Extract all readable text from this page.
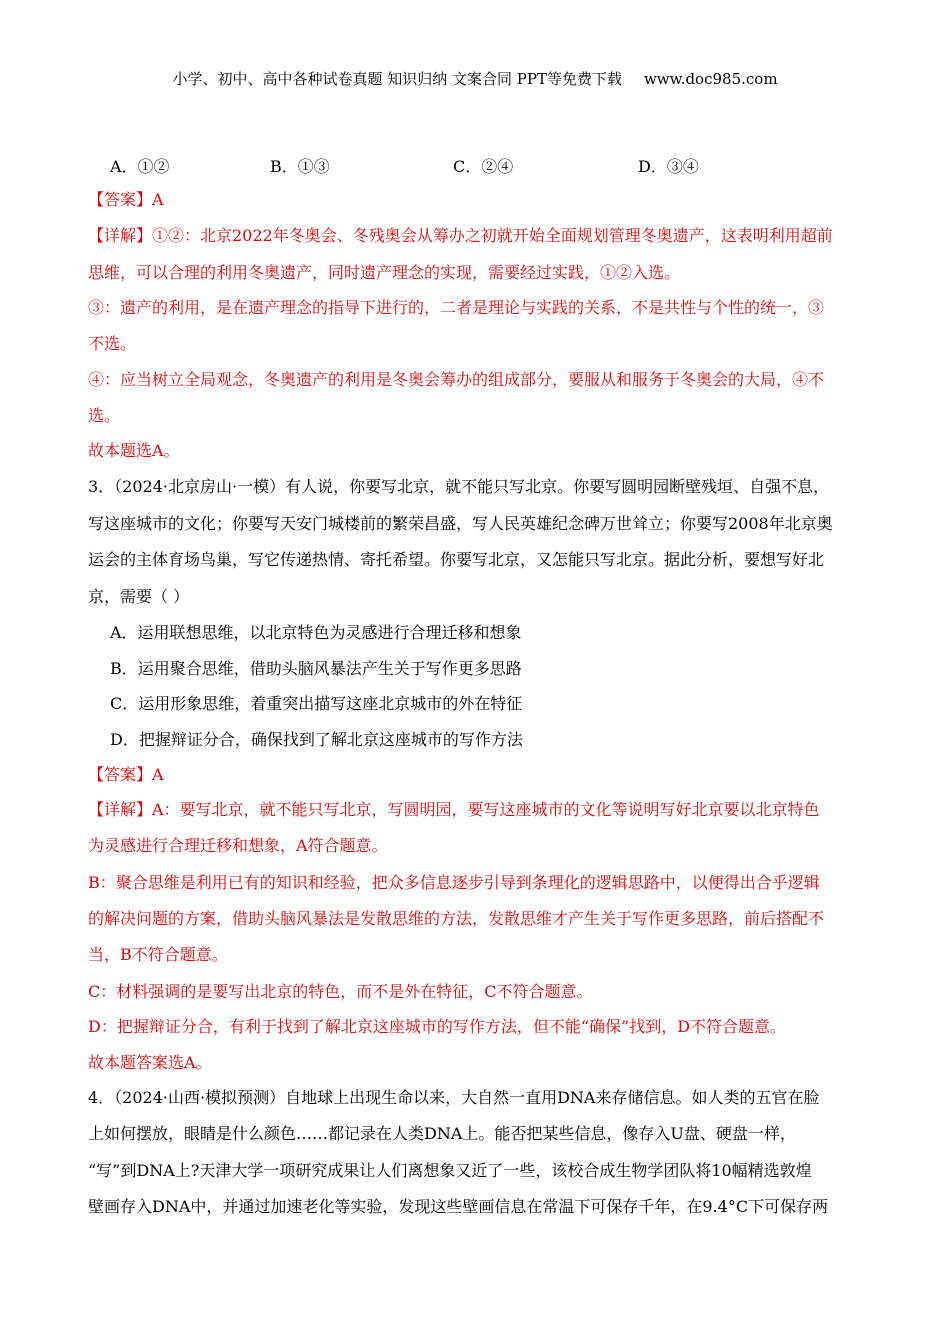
小学、初中、高中各种试卷真题 知识归纳 文案合同 PPT等免费下载 www.doc985.com
A．①②	B．①③	C．②④	D．③④
【答案】A
【详解】①②：北京2022年冬奥会、冬残奥会从筹办之初就开始全面规划管理冬奥遗产，这表明利用超前
思维，可以合理的利用冬奥遗产，同时遗产理念的实现，需要经过实践，①②入选。
③：遗产的利用，是在遗产理念的指导下进行的，二者是理论与实践的关系，不是共性与个性的统一，③
不选。
④：应当树立全局观念，冬奥遗产的利用是冬奥会筹办的组成部分，要服从和服务于冬奥会的大局，④不
选。
故本题选A。
3．（2024·北京房山·一模）有人说，你要写北京，就不能只写北京。你要写圆明园断壁残垣、自强不息，
写这座城市的文化；你要写天安门城楼前的繁荣昌盛，写人民英雄纪念碑万世耸立；你要写2008年北京奥
运会的主体育场鸟巢，写它传递热情、寄托希望。你要写北京，又怎能只写北京。据此分析，要想写好北
京，需要（ ）
A．运用联想思维，以北京特色为灵感进行合理迁移和想象
B．运用聚合思维，借助头脑风暴法产生关于写作更多思路
C．运用形象思维，着重突出描写这座北京城市的外在特征
D．把握辩证分合，确保找到了解北京这座城市的写作方法
【答案】A
【详解】A：要写北京，就不能只写北京，写圆明园，要写这座城市的文化等说明写好北京要以北京特色
为灵感进行合理迁移和想象，A符合题意。
B：聚合思维是利用已有的知识和经验，把众多信息逐步引导到条理化的逻辑思路中，以便得出合乎逻辑
的解决问题的方案，借助头脑风暴法是发散思维的方法，发散思维才产生关于写作更多思路，前后搭配不
当，B不符合题意。
C：材料强调的是要写出北京的特色，而不是外在特征，C不符合题意。
D：把握辩证分合，有利于找到了解北京这座城市的写作方法，但不能“确保”找到，D不符合题意。
故本题答案选A。
4．（2024·山西·模拟预测）自地球上出现生命以来，大自然一直用DNA来存储信息。如人类的五官在脸
上如何摆放，眼睛是什么颜色……都记录在人类DNA上。能否把某些信息，像存入U盘、硬盘一样，
“写”到DNA上?天津大学一项研究成果让人们离想象又近了一些，该校合成生物学团队将10幅精选敦煌
壁画存入DNA中，并通过加速老化等实验，发现这些壁画信息在常温下可保存千年，在9.4°C下可保存两
